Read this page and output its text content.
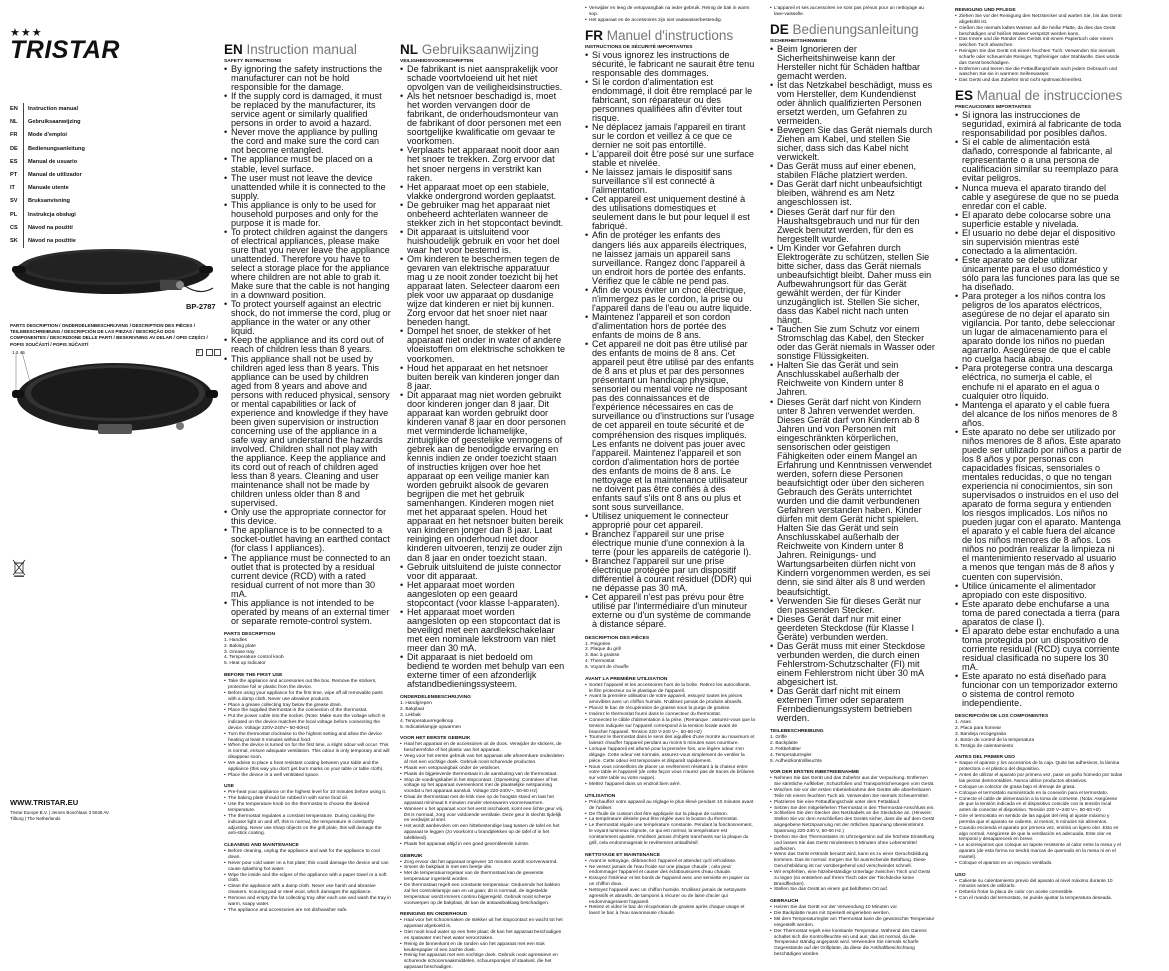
★★★
TRISTAR
EN	Instruction manual
NL	Gebruiksaanwijzing
FR	Mode d'emploi
DE	Bedienungsanleitung
ES	Manual de usuario
PT	Manual de utilizador
IT	Manuale utente
SV	Bruksanvisning
PL	Instrukcja obsługi
CS	Návod na použití
SK	Návod na použitie
BP-2787
PARTS DESCRIPTION / ONDERDELENBESCHRIJVING / DESCRIPTION DES PIÈCES / TEILEBESCHREIBUNG / DESCRIPCIÓN DE LAS PIEZAS / DESCRIÇÃO DOS COMPONENTES / DESCRIZIONE DELLE PARTI / BESKRIVNING AV DELAR / OPIS CZĘŚCI / POPIS SOUČÁSTÍ / POPIS SÚČASTÍ
1 2 45	3
WWW.TRISTAR.EU
Tristar Europe B.V. | Jeroen Boschlaan 3 5048 AV Tilburg | The Netherlands
EN Instruction manual
SAFETY INSTRUCTIONS
• By ignoring the safety instructions the manufacturer can not be hold responsible for the damage.
• If the supply cord is damaged, it must be replaced by the manufacturer, its service agent or similarly qualified persons in order to avoid a hazard.
• Never move the appliance by pulling the cord and make sure the cord can not become entangled.
• The appliance must be placed on a stable, level surface.
• The user must not leave the device unattended while it is connected to the supply.
• This appliance is only to be used for household purposes and only for the purpose it is made for.
• To protect children against the dangers of electrical appliances, please make sure that you never leave the appliance unattended. Therefore you have to select a storage place for the appliance where children are not able to grab it. Make sure that the cable is not hanging in a downward position.
• To protect yourself against an electric shock, do not immerse the cord, plug or appliance in the water or any other liquid.
• Keep the appliance and its cord out of reach of children less than 8 years.
• This appliance shall not be used by children aged less than 8 years. This appliance can be used by children aged from 8 years and above and persons with reduced physical, sensory or mental capabilities or lack of experience and knowledge if they have been given supervision or instruction concerning use of the appliance in a safe way and understand the hazards involved. Children shall not play with the appliance. Keep the appliance and its cord out of reach of children aged less than 8 years. Cleaning and user maintenance shall not be made by children unless older than 8 and supervised.
• Only use the appropriate connector for this device.
• The appliance is to be connected to a socket-outlet having an earthed contact (for class I appliances).
• The appliance must be connected to an outlet that is protected by a residual current device (RCD) with a rated residual current of not more than 30 mA.
• This appliance is not intended to be operated by means of an external timer or separate remote-control system.
PARTS DESCRIPTION
1. Handles
2. Baking plate
3. Grease tray
4. Temperature control knob
5. Heat up indicator
BEFORE THE FIRST USE
• Take the appliance and accessories out the box. Remove the stickers, protective foil or plastic from the device.
• Before using your appliance for the first time, wipe off all removable parts with a damp cloth. Never use abrasive products.
• Place a grease collecting tray below the grease drain.
• Place the supplied thermostat in the connection of the thermostat.
• Put the power cable into the socket. (Note: Make sure the voltage which is indicated on the device matches the local voltage before connecting the device. Voltage 220V-240V~ 50-60Hz)
• Turn the thermostat clockwise to the highest setting and allow the device heating at least 5 minutes without food.
• When the device is turned on for the first time, a slight odour will occur. This is normal, ensure adequate ventilation. This odour is only temporary and will disappear soon.
• We advise to place a heat resistant coating between your table and the appliance (this way you don't get burn marks on your table or table cloth).
• Place the device in a well ventilated space.
USE
• Pre-heat your appliance on the highest level for 10 minutes before using it.
• The baking plate should be rubbed in with some food oil.
• Use the temperature knob on the thermostat to choose the desired temperature.
• The thermostat regulates a constant temperature. During cooking the indicator light on and off, this is normal, the temperature is constantly adjusting. Never use sharp objects on the grill plate, this will damage the anti-stick coating.
CLEANING AND MAINTENANCE
• Before cleaning, unplug the appliance and wait for the appliance to cool down.
• Never pour cold water on a hot plate; this could damage the device and can cause splashing hot water.
• Wipe the inside and the edges of the appliance with a paper towel or a soft cloth.
• Clean the appliance with a damp cloth. Never use harsh and abrasive cleaners, scouring pad or steel wool, which damages the appliance.
• Remove and empty the fat collecting tray after each use and wash the tray in warm, soapy water.
• The appliance and accessories are not dishwasher safe.
NL Gebruiksaanwijzing
VEILIGHEIDSVOORSCHRIFTEN
• De fabrikant is niet aansprakelijk voor schade voortvloeiend uit het niet opvolgen van de veiligheidsinstructies.
• Als het netsnoer beschadigd is, moet het worden vervangen door de fabrikant, de onderhoudsmonteur van de fabrikant of door personen met een soortgelijke kwalificatie om gevaar te voorkomen.
• Verplaats het apparaat nooit door aan het snoer te trekken. Zorg ervoor dat het snoer nergens in verstrikt kan raken.
• Het apparaat moet op een stabiele, vlakke ondergrond worden geplaatst.
• De gebruiker mag het apparaat niet onbeheerd achterlaten wanneer de stekker zich in het stopcontact bevindt.
• Dit apparaat is uitsluitend voor huishoudelijk gebruik en voor het doel waar het voor bestemd is.
• Om kinderen te beschermen tegen de gevaren van elektrische apparatuur mag u ze nooit zonder toezicht bij het apparaat laten. Selecteer daarom een plek voor uw apparaat op dusdanige wijze dat kinderen er niet bij kunnen. Zorg ervoor dat het snoer niet naar beneden hangt.
• Dompel het snoer, de stekker of het apparaat niet onder in water of andere vloeistoffen om elektrische schokken te voorkomen.
• Houd het apparaat en het netsnoer buiten bereik van kinderen jonger dan 8 jaar.
• Dit apparaat mag niet worden gebruikt door kinderen jonger dan 8 jaar. Dit apparaat kan worden gebruikt door kinderen vanaf 8 jaar en door personen met verminderde lichamelijke, zintuiglijke of geestelijke vermogens of gebrek aan de benodigde ervaring en kennis indien ze onder toezicht staan of instructies krijgen over hoe het apparaat op een veilige manier kan worden gebruikt alsook de gevaren begrijpen die met het gebruik samenhangen. Kinderen mogen niet met het apparaat spelen. Houd het apparaat en het netsnoer buiten bereik van kinderen jonger dan 8 jaar. Laat reiniging en onderhoud niet door kinderen uitvoeren, tenzij ze ouder zijn dan 8 jaar en onder toezicht staan.
• Gebruik uitsluitend de juiste connector voor dit apparaat.
• Het apparaat moet worden aangesloten op een geaard stopcontact (voor klasse I-apparaten).
• Het apparaat moet worden aangesloten op een stopcontact dat is beveiligd met een aardlekschakelaar met een nominale lekstroom van niet meer dan 30 mA.
• Dit apparaat is niet bedoeld om bediend te worden met behulp van een externe timer of een afzonderlijk afstandbedieningssysteem.
ONDERDELENBESCHRIJVING
1. Handgrepen
2. Bakplaat
3. Lekbak
4. Temperatuurregelknop
5. Indicatielampje opwarmen
VOOR HET EERSTE GEBRUIK
• Haal het apparaat en de accessoires uit de doos. Verwijder de stickers, de beschermfolie of het plastic van het apparaat.
• Veeg voor het eerste gebruik van het apparaat alle afneembare onderdelen af met een vochtige doek. Gebruik nooit schurende producten.
• Plaats een vetopvangbak onder de vetafvoer.
• Plaats de bijgeleverde thermostaat in de aansluiting van de thermostaat.
• Stop de voedingskabel in het stopcontact. (Opmerking: Controleer of het voltage op het apparaat overeenkomt met de plaatselijke netspanning voordat u het apparaat aansluit. Voltage 220-240V~, 50-60 Hz)
• Draai de thermostaat met de klok mee op de hoogste stand en laat het apparaat minimaal 5 minuten zonder etenswaren voorverwarmen.
• Wanneer u het apparaat voor het eerst inschakelt, komt een lichte geur vrij. Dit is normaal, zorg voor voldoende ventilatie. Deze geur is slechts tijdelijk en verdwijnt al snel.
• Het wordt aanbevolen om een hittebestendige laag tussen de tafel en het apparaat te leggen (zo voorkomt u brandplekken op de tafel of in het tafelkleed).
• Plaats het apparaat altijd in een goed geventileerde ruimte.
GEBRUIK
• Zorg ervoor dat het apparaat ongeveer 10 minuten wordt voorverwarmd.
• Smeer de bakplaat in met een beetje olie.
• Met de temperatuurregelaar van de thermostaat kan de gewenste temperatuur ingesteld worden.
• De thermostaat regelt een constante temperatuur. Gedurende het bakken zal het controlelampje aan en uit gaan; dit is normaal, de ingestelde temperatuur wordt immers continu bijgeregeld. Gebruik nooit scherpe voorwerpen op de bakplaat, dit kan de antiaanbaklaag beschadigen.
REINIGING EN ONDERHOUD
• Haal voor het schoonmaken de stekker uit het stopcontact en wacht tot het apparaat afgekoeld is.
• Giet nooit koud water op een hete plaat; dit kan het apparaat beschadigen en spatwater met heet water veroorzaken.
• Reinig de binnenkant en de randen van het apparaat met een stuk keukenpapier of een zachte doek.
• Reinig het apparaat met een vochtige doek. Gebruik nooit agressieve en schurende schoonmaakmiddelen, schuursponsjes of staalwol, die het apparaat beschadigen.
• Verwijder en leeg de vetopvangbak na ieder gebruik. Reinig de bak in warm sop.
• Het apparaat en de accessoires zijn niet vaatwasserbestendig.
FR Manuel d'instructions
INSTRUCTIONS DE SÉCURITÉ IMPORTANTES
• Si vous ignorez les instructions de sécurité, le fabricant ne saurait être tenu responsable des dommages.
• Si le cordon d'alimentation est endommagé, il doit être remplacé par le fabricant, son réparateur ou des personnes qualifiées afin d'éviter tout risque.
• Ne déplacez jamais l'appareil en tirant sur le cordon et veillez à ce que ce dernier ne soit pas entortillé.
• L'appareil doit être posé sur une surface stable et nivelée.
• Ne laissez jamais le dispositif sans surveillance s'il est connecté à l'alimentation.
• Cet appareil est uniquement destiné à des utilisations domestiques et seulement dans le but pour lequel il est fabriqué.
• Afin de protéger les enfants des dangers liés aux appareils électriques, ne laissez jamais un appareil sans surveillance. Rangez donc l'appareil à un endroit hors de portée des enfants. Vérifiez que le câble ne pend pas.
• Afin de vous éviter un choc électrique, n'immergez pas le cordon, la prise ou l'appareil dans de l'eau ou autre liquide.
• Maintenez l'appareil et son cordon d'alimentation hors de portée des enfants de moins de 8 ans.
• Cet appareil ne doit pas être utilisé par des enfants de moins de 8 ans. Cet appareil peut être utilisé par des enfants de 8 ans et plus et par des personnes présentant un handicap physique, sensoriel ou mental voire ne disposant pas des connaissances et de l'expérience nécessaires en cas de surveillance ou d'instructions sur l'usage de cet appareil en toute sécurité et de compréhension des risques impliqués. Les enfants ne doivent pas jouer avec l'appareil. Maintenez l'appareil et son cordon d'alimentation hors de portée des enfants de moins de 8 ans. Le nettoyage et la maintenance utilisateur ne doivent pas être confiés à des enfants sauf s'ils ont 8 ans ou plus et sont sous surveillance.
• Utilisez uniquement le connecteur approprié pour cet appareil.
• Branchez l'appareil sur une prise électrique munie d'une connexion à la terre (pour les appareils de catégorie I).
• Branchez l'appareil sur une prise électrique protégée par un dispositif différentiel à courant résiduel (DDR) qui ne dépasse pas 30 mA.
• Cet appareil n'est pas prévu pour être utilisé par l'intermédiaire d'un minuteur externe ou d'un système de commande à distance séparé.
DESCRIPTION DES PIÈCES
1. Poignées
2. Plaque du grill
3. Bac à graisse
4. Thermostat
5. Voyant de chauffe
AVANT LA PREMIÈRE UTILISATION
• Sortez l'appareil et les accessoires hors de la boîte. Retirez les autocollants, le film protecteur ou le plastique de l'appareil.
• Avant la première utilisation de votre appareil, essuyez toutes les pièces amovibles avec un chiffon humide. N'utilisez jamais de produits abrasifs.
• Placez le bac de récupération de graisse sous la purge de graisse.
• Insérez le thermostat fourni dans le connecteur du thermostat.
• Connectez le câble d'alimentation à la prise. (Remarque : assurez-vous que la tension indiquée sur l'appareil correspond à la tension locale avant de brancher l'appareil. Tension 220 V-240 V~, 50-60 Hz)
• Tournez le thermostat dans le sens des aiguilles d'une montre au maximum et laissez chauffer l'appareil pendant au moins 5 minutes sans nourriture.
• Lorsque l'appareil est allumé pour la première fois, une légère odeur s'en dégage. Cette odeur est normale, assurez-vous simplement de ventiler la pièce. Cette odeur est temporaire et disparaît rapidement.
• Nous vous conseillons de placer un revêtement résistant à la chaleur entre votre table et l'appareil (de cette façon vous n'aurez pas de traces de brûlures sur votre table ou votre nappe).
• Mettez l'appareil dans un endroit bien aéré.
UTILISATION
• Préchauffez votre appareil au réglage le plus élevé pendant 10 minutes avant de l'utiliser.
• De l'huile de cuisson doit être appliquée sur la plaque de cuisson.
• La température désirée peut être réglée avec le bouton du thermostat.
• Le thermostat régule une température constante. Pendant la fonctionnement, le voyant lumineux clignote, ce qui est normal, la température est constamment ajustée. N'utilisez jamais d'objets tranchants sur la plaque du grill, cela endommagerait le revêtement antiadhésif.
NETTOYAGE ET MAINTENANCE
• Avant le nettoyage, débranchez l'appareil et attendez qu'il refroidisse.
• Ne versez jamais de l'eau froide sur une plaque chaude ; cela peut endommager l'appareil et causer des éclaboussures d'eau chaude.
• Essuyez l'intérieur et les bords de l'appareil avec une serviette en papier ou un chiffon doux.
• Nettoyez l'appareil avec un chiffon humide. N'utilisez jamais de nettoyants agressifs et abrasifs, de tampons à récurer ou de laine d'acier qui endommageraient l'appareil.
• Retirez et videz le bac de récupération de graisse après chaque usage et lavez le bac à l'eau savonneuse chaude.
• L'appareil et ses accessoires ne sont pas prévus pour un nettoyage au lave-vaisselle.
DE Bedienungsanleitung
SICHERHEITSHINWEISE
• Beim Ignorieren der Sicherheitshinweise kann der Hersteller nicht für Schäden haftbar gemacht werden.
• Ist das Netzkabel beschädigt, muss es vom Hersteller, dem Kundendienst oder ähnlich qualifizierten Personen ersetzt werden, um Gefahren zu vermeiden.
• Bewegen Sie das Gerät niemals durch Ziehen am Kabel, und stellen Sie sicher, dass sich das Kabel nicht verwickelt.
• Das Gerät muss auf einer ebenen, stabilen Fläche platziert werden.
• Das Gerät darf nicht unbeaufsichtigt bleiben, während es am Netz angeschlossen ist.
• Dieses Gerät darf nur für den Haushaltsgebrauch und nur für den Zweck benutzt werden, für den es hergestellt wurde.
• Um Kinder vor Gefahren durch Elektrogeräte zu schützen, stellen Sie bitte sicher, dass das Gerät niemals unbeaufsichtigt bleibt. Daher muss ein Aufbewahrungsort für das Gerät gewählt werden, der für Kinder unzugänglich ist. Stellen Sie sicher, dass das Kabel nicht nach unten hängt.
• Tauchen Sie zum Schutz vor einem Stromschlag das Kabel, den Stecker oder das Gerät niemals in Wasser oder sonstige Flüssigkeiten.
• Halten Sie das Gerät und sein Anschlusskabel außerhalb der Reichweite von Kindern unter 8 Jahren.
• Dieses Gerät darf nicht von Kindern unter 8 Jahren verwendet werden. Dieses Gerät darf von Kindern ab 8 Jahren und von Personen mit eingeschränkten körperlichen, sensorischen oder geistigen Fähigkeiten oder einem Mangel an Erfahrung und Kenntnissen verwendet werden, sofern diese Personen beaufsichtigt oder über den sicheren Gebrauch des Geräts unterrichtet wurden und die damit verbundenen Gefahren verstanden haben. Kinder dürfen mit dem Gerät nicht spielen. Halten Sie das Gerät und sein Anschlusskabel außerhalb der Reichweite von Kindern unter 8 Jahren. Reinigungs- und Wartungsarbeiten dürfen nicht von Kindern vorgenommen werden, es sei denn, sie sind älter als 8 und werden beaufsichtigt.
• Verwenden Sie für dieses Gerät nur den passenden Stecker.
• Dieses Gerät darf nur mit einer geerdeten Steckdose (für Klasse I Geräte) verbunden werden.
• Das Gerät muss mit einer Steckdose verbunden werden, die durch einen Fehlerstrom-Schutzschalter (FI) mit einem Fehlerstrom nicht über 30 mA abgesichert ist.
• Das Gerät darf nicht mit einem externen Timer oder separatem Fernbedienungssystem betrieben werden.
TEILEBESCHREIBUNG
1. Griffe
2. Backplatte
3. Fettbehälter
4. Temperaturregler
5. Aufheizkontrollleuchte
VOR DER ERSTEN INBETRIEBNAHME
• Nehmen Sie das Gerät und das Zubehör aus der Verpackung. Entfernen Sie sämtliche Aufkleber, Schutzfolien und Transportsicherungen vom Gerät.
• Wischen Sie vor der ersten Inbetriebnahme des Geräts alle abnehmbaren Teile mit einem feuchten Tuch ab. Verwenden Sie niemals Scheuermittel.
• Platzieren Sie eine Fettauffangschale unter dem Fettablauf.
• Setzen Sie den mitgelieferten Thermostat in den Thermostat-Anschluss ein.
• Schließen Sie den Stecker des Netzkabels an die Steckdose an. (Hinweis: Stellen Sie vor dem Anschließen des Geräts sicher, dass die auf dem Gerät angegebene Netzspannung mit der örtlichen Spannung übereinstimmt. Spannung 220-240 V, 50-60 Hz.)
• Drehen Sie den Thermostaten im Uhrzeigersinn auf die höchste Einstellung und lassen Sie das Gerät mindestens 5 Minuten ohne Lebensmittel aufheizen.
• Wenn das Gerät erstmals benutzt wird, kann es zu einer Geruchsbildung kommen. Das ist normal. Sorgen Sie für ausreichende Belüftung. Diese Geruchsbildung ist nur vorübergehend und verschwindet schnell.
• Wir empfehlen, eine hitzebeständige Unterlage zwischen Tisch und Gerät zu legen (so entstehen auf Ihrem Tisch oder der Tischdecke keine Brandflecken).
• Stellen Sie das Gerät an einem gut belüfteten Ort auf.
GEBRAUCH
• Heizen Sie das Gerät vor der Verwendung 10 Minuten vor.
• Die Backplatte muss mit Speiseöl eingerieben werden.
• Mit dem Temperaturregler am Thermostat kann die gewünschte Temperatur eingestellt werden.
• Der Thermostat regelt eine konstante Temperatur. Während des Garens schaltet sich die Kontrollleuchte ein und aus; das ist normal, da die Temperatur ständig angepasst wird. Verwenden Sie niemals scharfe Gegenstände auf der Grillplatte, da diese die Antihaftbeschichtung beschädigen würden.
REINIGUNG UND PFLEGE
• Ziehen Sie vor der Reinigung den Netzstecker und warten Sie, bis das Gerät abgekühlt ist.
• Gießen Sie niemals kaltes Wasser auf die heiße Platte, da dies das Gerät beschädigen und heißes Wasser verspritzt werden kann.
• Das Innere und die Ränder des Geräts mit einem Papiertuch oder einem weichen Tuch abwischen.
• Reinigen Sie das Gerät mit einem feuchten Tuch. Verwenden Sie niemals scharfe oder scheuernde Reiniger, Topfreiniger oder Stahlwolle. Dies würde das Gerät beschädigen.
• Entfernen und leeren Sie die Fettauffangschale nach jedem Gebrauch und waschen Sie sie in warmem Seifenwasser.
• Das Gerät und das Zubehör sind nicht spülmaschinenfest.
ES Manual de instrucciones
PRECAUCIONES IMPORTANTES
• Si ignora las instrucciones de seguridad, eximirá al fabricante de toda responsabilidad por posibles daños.
• Si el cable de alimentación está dañado, corresponde al fabricante, al representante o a una persona de cualificación similar su reemplazo para evitar peligros.
• Nunca mueva el aparato tirando del cable y asegúrese de que no se pueda enredar con el cable.
• El aparato debe colocarse sobre una superficie estable y nivelada.
• El usuario no debe dejar el dispositivo sin supervisión mientras esté conectado a la alimentación.
• Este aparato se debe utilizar únicamente para el uso doméstico y sólo para las funciones para las que se ha diseñado.
• Para proteger a los niños contra los peligros de los aparatos eléctricos, asegúrese de no dejar el aparato sin vigilancia. Por tanto, debe seleccionar un lugar de almacenamiento para el aparato donde los niños no puedan agarrarlo. Asegúrese de que el cable no cuelga hacia abajo.
• Para protegerse contra una descarga eléctrica, no sumerja el cable, el enchufe ni el aparato en el agua o cualquier otro líquido.
• Mantenga el aparato y el cable fuera del alcance de los niños menores de 8 años.
• Este aparato no debe ser utilizado por niños menores de 8 años. Este aparato puede ser utilizado por niños a partir de los 8 años y por personas con capacidades físicas, sensoriales o mentales reducidas, o que no tengan experiencia ni conocimientos, sin son supervisados o instruidos en el uso del aparato de forma segura y entienden los riesgos implicados. Los niños no pueden jugar con el aparato. Mantenga el aparato y el cable fuera del alcance de los niños menores de 8 años. Los niños no podrán realizar la limpieza ni el mantenimiento reservado al usuario a menos que tengan más de 8 años y cuenten con supervisión.
• Utilice únicamente el alimentador apropiado con este dispositivo.
• Este aparato debe enchufarse a una toma de pared conectada a tierra (para aparatos de clase I).
• El aparato debe estar enchufado a una toma protegida por un dispositivo de corriente residual (RCD) cuya corriente residual clasificada no supere los 30 mA.
• Este aparato no está diseñado para funcionar con un temporizador externo o sistema de control remoto independiente.
DESCRIPCIÓN DE LOS COMPONENTES
1. Asas
2. Placa para hornear
3. Bandeja recogegrasa
4. Botón de control de la temperatura
5. Testigo de calentamiento
ANTES DEL PRIMER USO
• Saque el aparato y los accesorios de la caja. Quite las adhesivos, la lámina protectora o el plástico del dispositivo.
• Antes de utilizar el aparato por primera vez, pase un paño húmedo por todas las piezas desmontables. Nunca utilice productos abrasivos.
• Coloque un colector de grasa bajo el drenaje de grasa.
• Coloque el termostato suministrado en la conexión para el termostato.
• Conecte el cable de alimentación a la toma de corriente. (Nota: Asegúrese de que la tensión indicada en el dispositivo coincide con la tensión local antes de conectar el dispositivo. Tensión 220 V~240 V~, 50-60 Hz)
• Gire el termostato en sentido de las agujas del reloj al ajuste máximo y permita que el aparato se caliente, al menos, 5 minutos sin alimentos.
• Cuando encienda el aparato por primera vez, emitirá un ligero olor. Esto es algo normal. Asegúrese de que la ventilación es adecuada. Este olor es temporal y desaparecerá en breve.
• Le aconsejamos que coloque un tapete resistente al calor entre la mesa y el aparato (de esta forma no tendrá marcas de quemado en la mesa ni en el mantel).
• Coloque el aparato en un espacio ventilado.
USO
• Caliente su calentamiento previo del aparato al nivel máximo durante 10 minutos antes de utilizarlo.
• Debería frotar la placa de calor con aceite comestible.
• Con el mando del termostato, se puede ajustar la temperatura deseada.
